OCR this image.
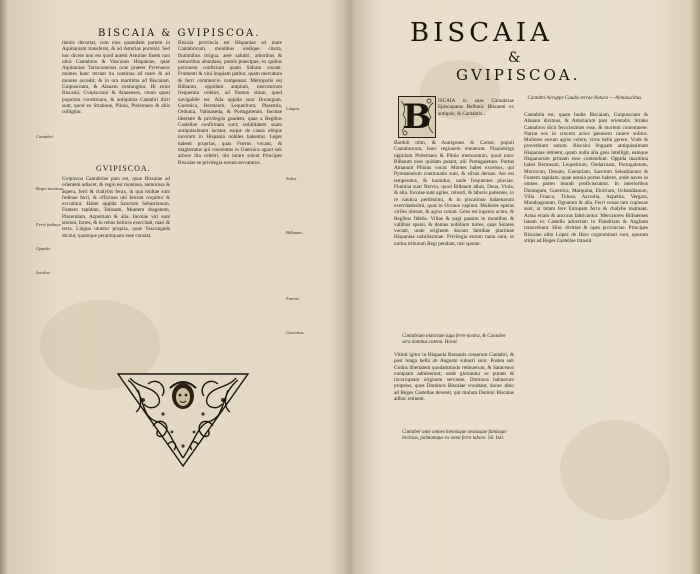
BISCAIA & GVIPISCOA.
tientis decurtat, cum eius quamdam partem in Aquitaniam transferat, & ad Asturias porrexit. Sed hoc dicere non est quod autem Asturiae finem non ultrà Cantabros & Vascones Hispaniae, quae Aquitaniae Tarraconensis orae praeter Pyrenaeos montes hanc terram ita continua ad mare & ad montes accedit; & in ora maritima ad Biscaiam, Guipuscoam, & Alauam coniungitur. Hi enim Biscaini, Gvipiscoani & Alauenses, vnum quasi populum constituunt, & antiquitus Cantabri dicti sunt, quod ex Strabone, Plinio, Ptolemaeo & aliis colligitur.
GVIPISCOA.
Gvipiscoa Cantabriae pars est, quae Biscaiae ad orientem adiacet, & regio est montosa, nemorosa & aspera, ferri & chalybis ferax, in qua multae sunt fodinae ferri, & officinae ubi ferrum coquitur & excuditur. Habet oppida Sanctum Sebastianum, Fontem rapidam, Tolosam, Montem dragonem, Placentiam, Azpeitiam & alia. Incolae viri sunt strenui, fortes, & in rebus bellicis exercitati, mari & terra. Lingua utuntur propria, quae Vascongada dicitur, quamque perantiquam esse constat.
Biscaia provincia est Hispaniae ad mare Cantabricum, montibus undique cincta, fluminibus irrigua, aere salubri, arboribus & nemoribus abundans, pomis praecipue, ex quibus potionem conficiunt quam Sidram vocant. Frumenti & vini inopiam patitur, quam mercatura & ferri commercio compensat. Metropolis est Bilbaum, oppidum amplum, mercatorum frequentia celebre, ad flumen situm, quod navigabile est. Alia oppida sunt Durangum, Guernica, Bermeum, Lequeitium, Plasentia, Ordunia, Valmaseda, & Portugaletum. Incolae libertate & privilegiis gaudent, quae a Regibus Castellae confirmata sunt; nobilitatem suam antiquissimam iactant, eaque de causa ubique locorum in Hispania nobiles habentur. Leges habent proprias, quas Fueros vocant, & magistratus qui conventus in Guernica agunt sub arbore illa celebri, ubi iurare solent Principes Biscaiae se privilegia eorum servaturos.
Cantabri.
Regio montosa.
Ferri fodinae.
Oppida.
Incolae.
Lingua.
Sidra.
Bilbaum.
Fueros.
Guernica.
BISCAIA
&
GVIPISCOA.
B ISCAIA in suas Cantabriae Episcopatus Bellunic Biscaeni ex antiquis, & Cantabris...
Barduli olim, & Autrigones & Caristi, populi Cantabrorum, hanc regionem tenuerunt. Flauiobriga oppidum Ptolemaeo & Plinio memoratum, quod nunc Bilbaum esse quidam putant, alii Portugaletum. Portus Amanum Plinius vocat. Montes habet excelsos, qui Pyrenaeorum continuatio sunt, & silvas densas. Aer est temperatus, & humidus, unde frequentes pluviae. Flumina sunt Nervio, quod Bilbaum alluit, Deua, Vrola, & alia. Incolae sunt agiles, robusti, & laboris patientes, in re nautica peritissimi, & in piscatione balaenarum exercitatissimi, quas in Oceano capiunt. Mulieres operas viriles obeunt, & agros colunt. Gens est ingenio acuto, & Regibus fidelis. Villae & pagi passim in montibus & vallibus sparsi, & domus nobilium turres, quas Solares vocant, unde originem ducunt familiae plurimae Hispaniae nobilissimae. Privilegia eorum tanta sunt, ut nullus tributum Regi pendant, nisi sponte.
Cantabrum indoctum iuga ferre nostra, & Cantaber sera domitus catena. Horat.
Vltimi igitur in Hispania Romanis cesserunt Cantabri, & post longa bella ab Augusto subacti sunt. Postea sub Gothis libertatem quodammodo retinuerunt, & Saracenos nunquam admiserunt; unde gloriantur se puram & incorruptam originem servasse. Dominos habuerunt proprios, quos Dominos Biscaiae vocabant, donec ditio ad Reges Castellae devenit, qui titulum Domini Biscaiae adhuc retinent.
Cantaber ante omnes hiemisque aestusque famisque Invictus, palmamque ex omni ferre labore. Sil. Ital.
Cantabri Acruppe Caudis terrae Natura — Aliminacibus.
Cantabria est, quam hodie Biscaiam, Guipuscoam & Alauam dicimus, & Asturiarum pars orientalis. Strabo Cantabros dicit ferocissimos esse, & mortem contemnere. Narrat eos in crucem actos paeanem canere solitos. Mulieres eorum agros colere, viros bella gerere. Vnde & proverbium natum. Biscaini linguam antiquissimam Hispaniae retinent, quam nulla alia gens intelligit, eamque Hispanorum primam esse contendunt. Oppida maritima habet Bermeum, Lequeitium, Ondarroam, Portugaletum, Motricum, Deuam, Guetariam, Sanctum Sebastianum & Fontem rapidam, quae omnia portus habent, unde naves in omnes partes mundi proficiscuntur. In interioribus Durangum, Guernica, Marquina, Elorrium, Ochandianum, Villa Franca, Tolosa, Azcoitia, Azpeitia, Vergara, Mondragonum, Ognatum & alia. Ferri venae tam copiosae sunt, ut totam fere Europam ferro & chalybe instruant. Arma etiam & ancoras fabricantur. Mercatores Bilbaenses lanam ex Castella advectam in Flandriam & Angliam transvehunt. Hinc divitiae & opes provinciae. Principes Biscaiae olim Lopez de Haro cognominati sunt, quorum stirps ad Reges Castellae transiit.
